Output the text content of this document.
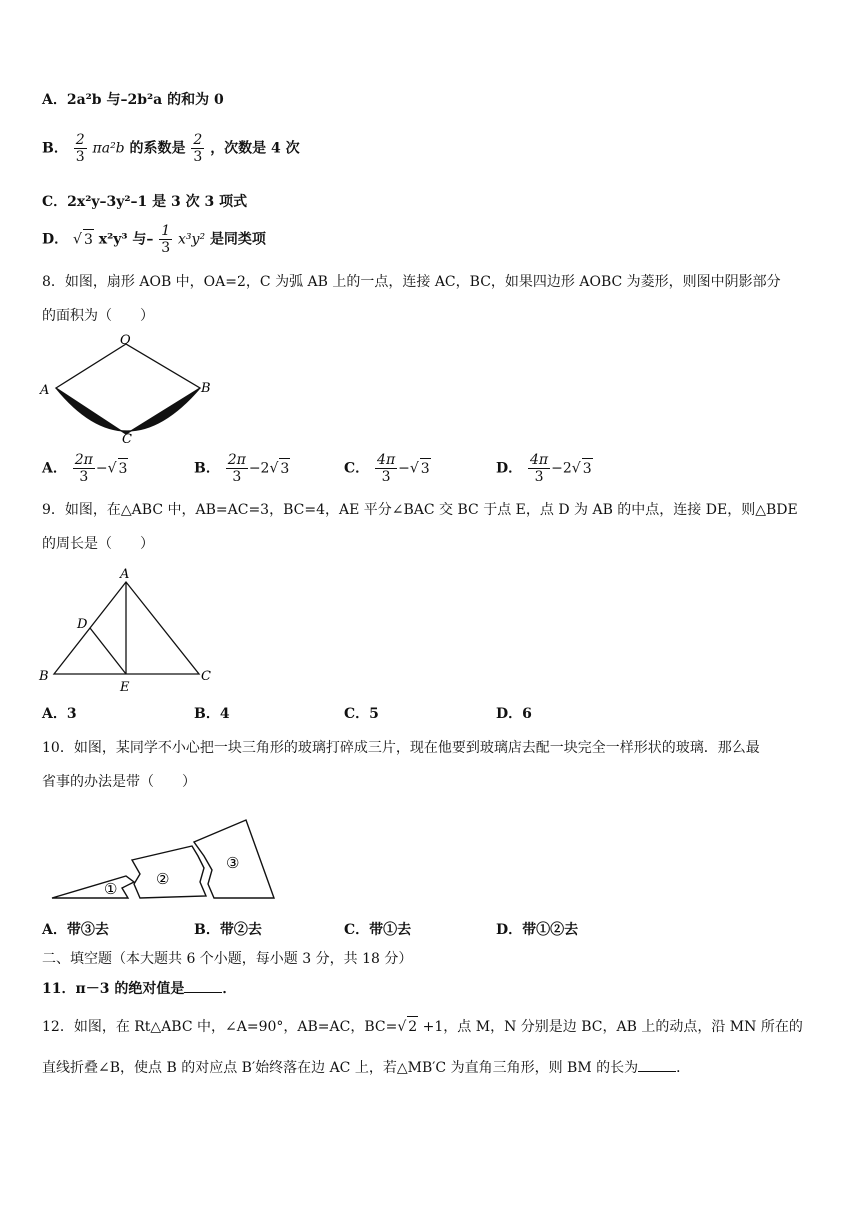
A．2a²b 与–2b²a 的和为 0
B． $\frac{2}{3} \pi a^2b$ 的系数是 $\frac{2}{3}$ ，次数是 4 次
C．2x²y–3y²–1 是 3 次 3 项式
D． √ 3 x²y³ 与– $\frac{1}{3} x^3y^2$ 是同类项
8．如图，扇形 AOB 中，OA=2，C 为弧 AB 上的一点，连接 AC，BC，如果四边形 AOBC 为菱形，则图中阴影部分
的面积为（　　）
O
A	B
C
A． $\frac{2\pi}{3}$ −√ 3	B． $\frac{2\pi}{3} -2√$ 3	C． $\frac{4\pi}{3}$ −√ 3	D． $\frac{4\pi}{3} -2√$ 3
9．如图，在△ABC 中，AB=AC=3，BC=4，AE 平分∠BAC 交 BC 于点 E，点 D 为 AB 的中点，连接 DE，则△BDE
的周长是（　　）
A
D
B
E
C
A．3	B．4	C．5	D．6
10．如图，某同学不小心把一块三角形的玻璃打碎成三片，现在他要到玻璃店去配一块完全一样形状的玻璃．那么最
省事的办法是带（　　）
①
②
③
A．带③去	B．带②去	C．带①去	D．带①②去
二、填空题（本大题共 6 个小题，每小题 3 分，共 18 分）
11．π－3 的绝对值是	．
12．如图，在 Rt△ABC 中，∠A=90°，AB=AC，BC=√ 2 +1，点 M，N 分别是边 BC，AB 上的动点，沿 MN 所在的
直线折叠∠B，使点 B 的对应点 B′始终落在边 AC 上，若△MB′C 为直角三角形，则 BM 的长为	．
